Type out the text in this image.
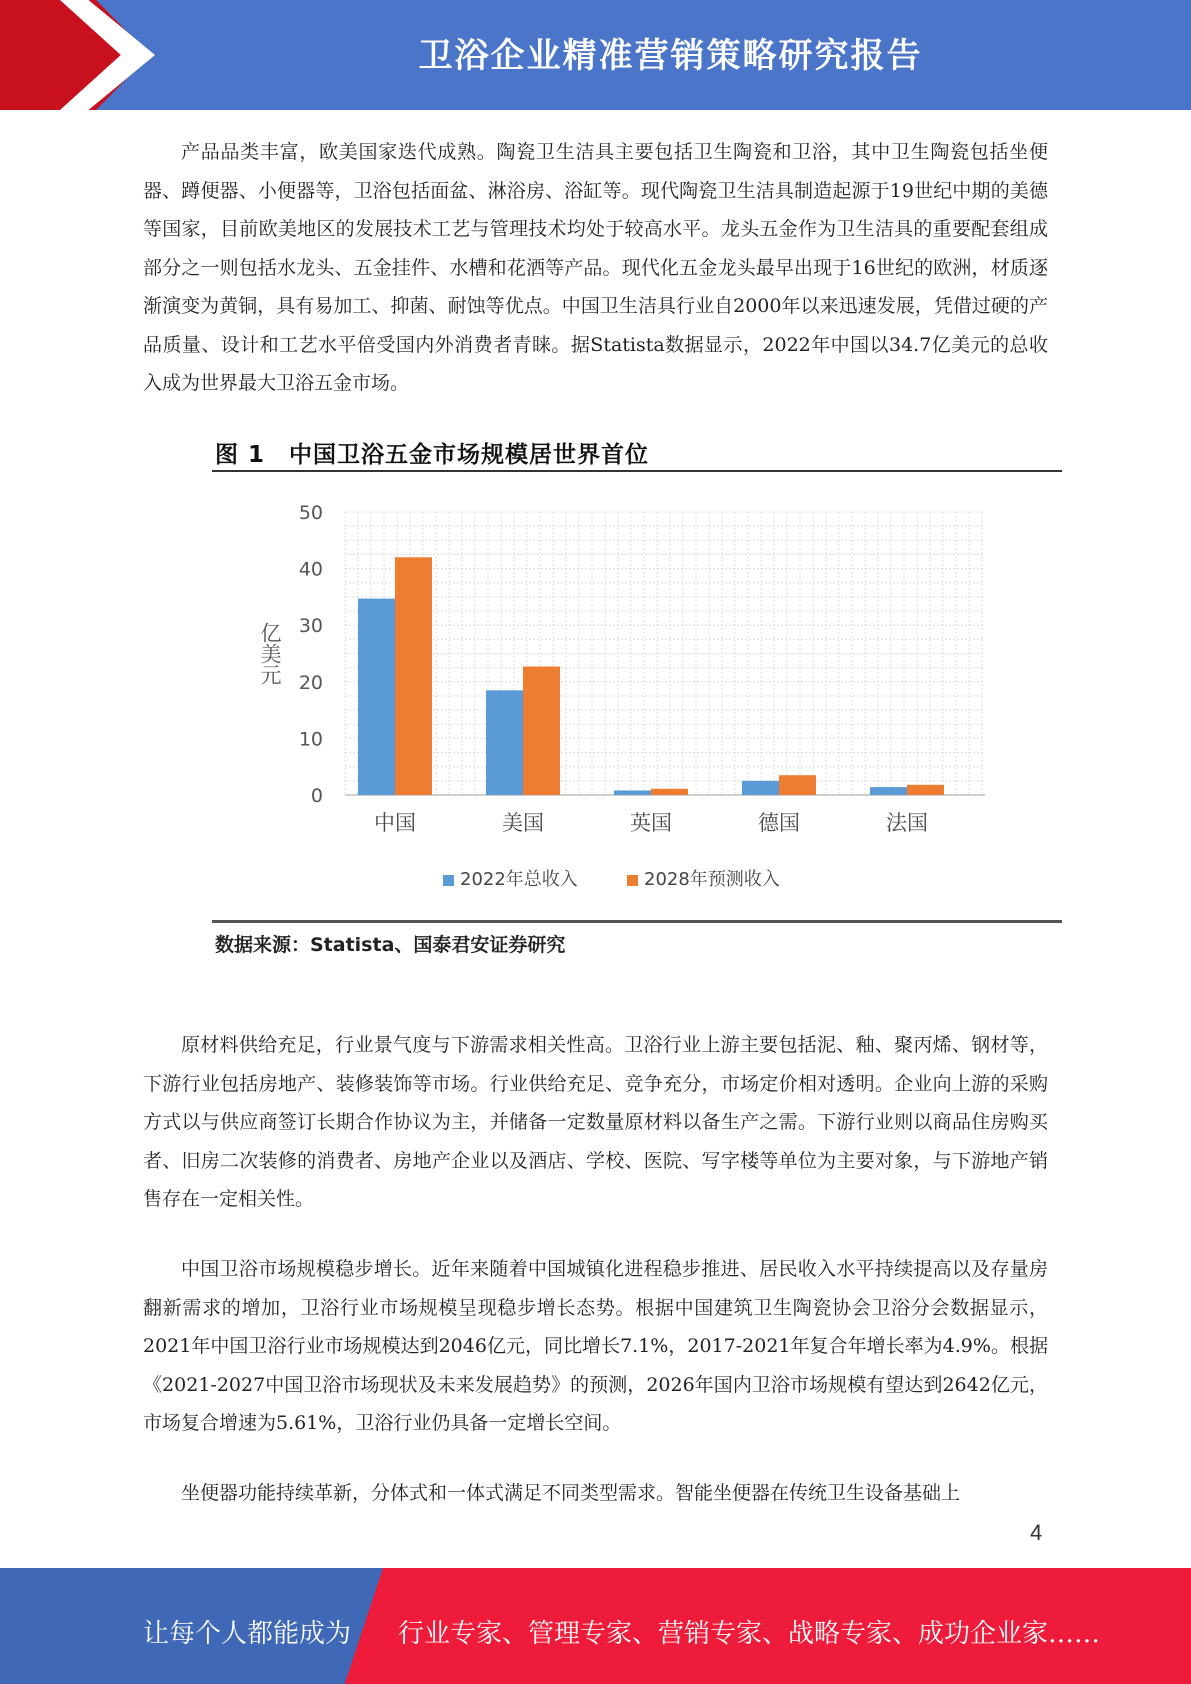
卫浴企业精准营销策略研究报告

产品品类丰富，欧美国家迭代成熟。陶瓷卫生洁具主要包括卫生陶瓷和卫浴，其中卫生陶瓷包括坐便器、蹲便器、小便器等，卫浴包括面盆、淋浴房、浴缸等。现代陶瓷卫生洁具制造起源于19世纪中期的美德等国家，目前欧美地区的发展技术工艺与管理技术均处于较高水平。龙头五金作为卫生洁具的重要配套组成部分之一则包括水龙头、五金挂件、水槽和花洒等产品。现代化五金龙头最早出现于16世纪的欧洲，材质逐渐演变为黄铜，具有易加工、抑菌、耐蚀等优点。中国卫生洁具行业自2000年以来迅速发展，凭借过硬的产品质量、设计和工艺水平倍受国内外消费者青睐。据Statista数据显示，2022年中国以34.7亿美元的总收入成为世界最大卫浴五金市场。

图 1　中国卫浴五金市场规模居世界首位
0
10
20
30
40
50
亿美元
中国	美国	英国	德国	法国
2022年总收入	2028年预测收入
数据来源：Statista、国泰君安证券研究

原材料供给充足，行业景气度与下游需求相关性高。卫浴行业上游主要包括泥、釉、聚丙烯、钢材等，下游行业包括房地产、装修装饰等市场。行业供给充足、竞争充分，市场定价相对透明。企业向上游的采购方式以与供应商签订长期合作协议为主，并储备一定数量原材料以备生产之需。下游行业则以商品住房购买者、旧房二次装修的消费者、房地产企业以及酒店、学校、医院、写字楼等单位为主要对象，与下游地产销售存在一定相关性。

中国卫浴市场规模稳步增长。近年来随着中国城镇化进程稳步推进、居民收入水平持续提高以及存量房翻新需求的增加，卫浴行业市场规模呈现稳步增长态势。根据中国建筑卫生陶瓷协会卫浴分会数据显示，2021年中国卫浴行业市场规模达到2046亿元，同比增长7.1%，2017-2021年复合年增长率为4.9%。根据《2021-2027中国卫浴市场现状及未来发展趋势》的预测，2026年国内卫浴市场规模有望达到2642亿元，市场复合增速为5.61%，卫浴行业仍具备一定增长空间。

坐便器功能持续革新，分体式和一体式满足不同类型需求。智能坐便器在传统卫生设备基础上

4
让每个人都能成为 行业专家、管理专家、营销专家、战略专家、成功企业家……
